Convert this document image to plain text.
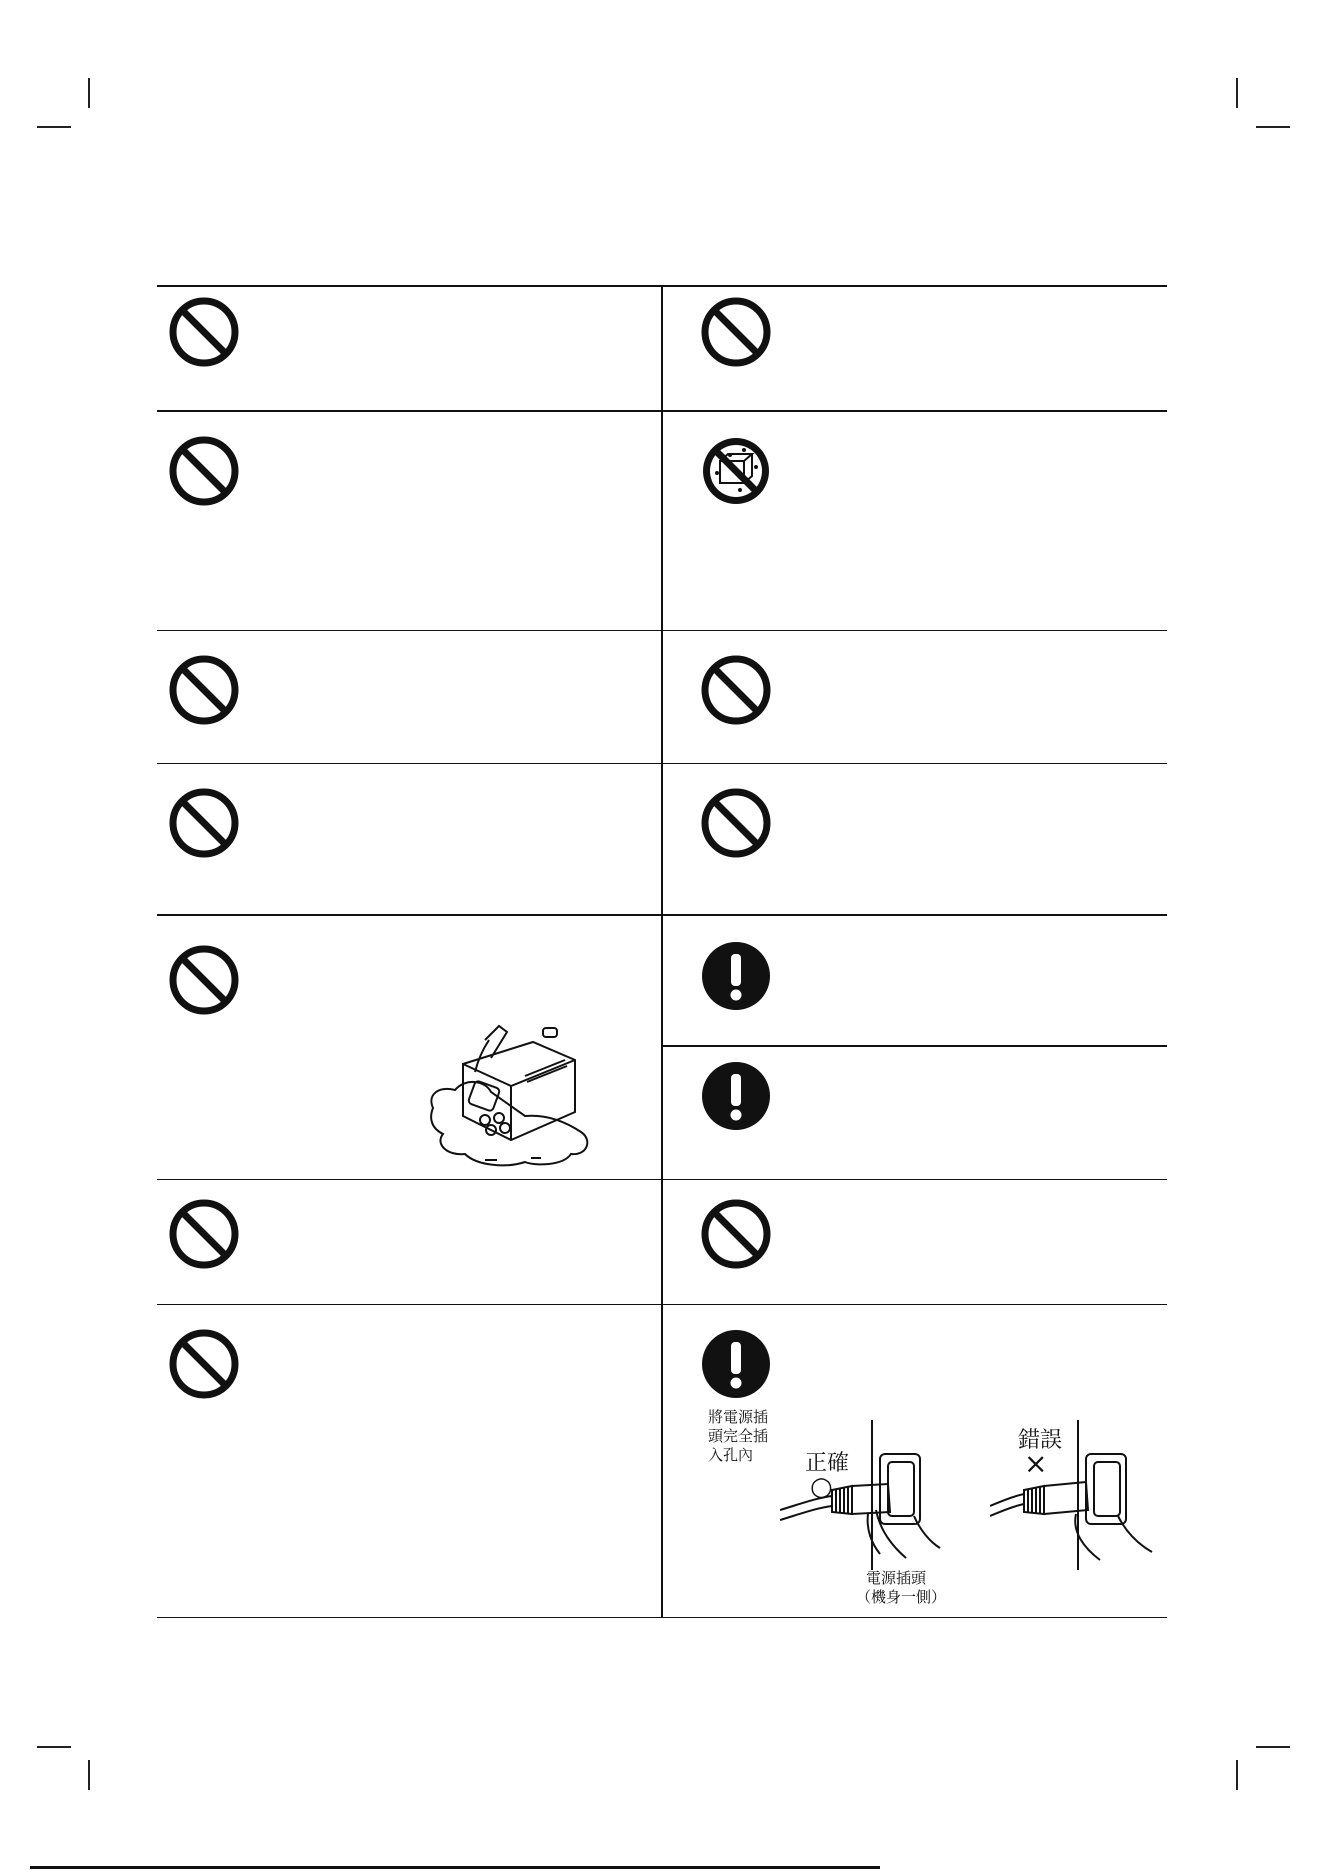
將電源插
頭完全插
入孔內	正確
○
錯誤
×
電源插頭
（機身一側）
